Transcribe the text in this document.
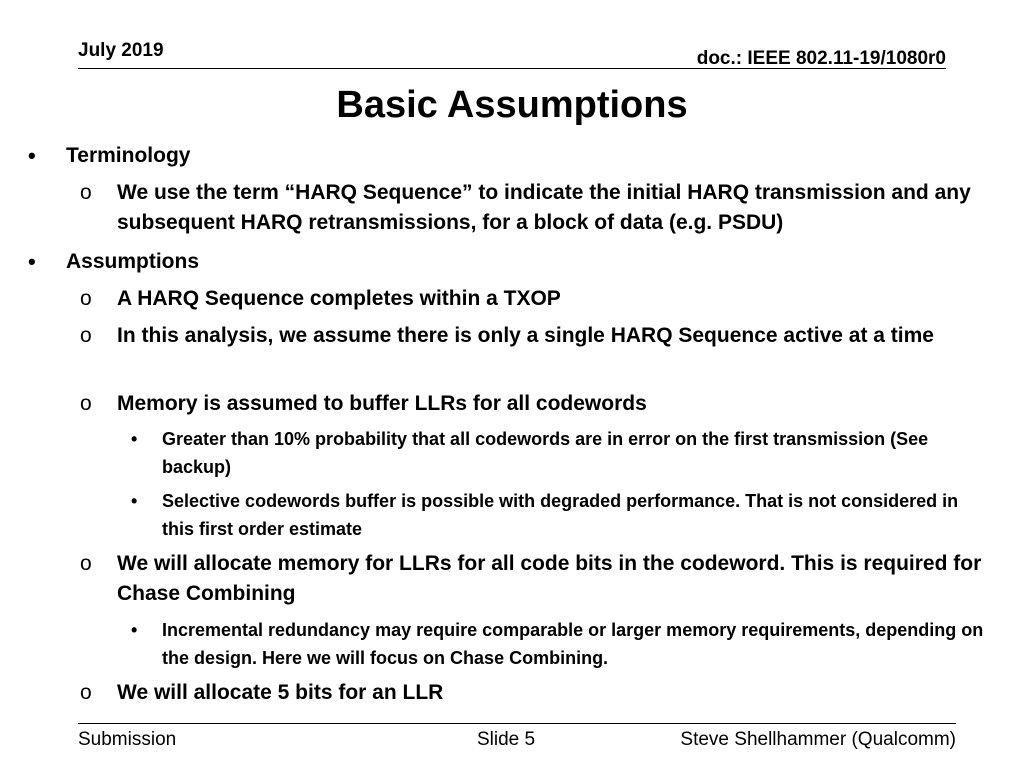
July 2019	doc.: IEEE 802.11-19/1080r0
Basic Assumptions
• Terminology
o We use the term “HARQ Sequence” to indicate the initial HARQ transmission and any subsequent HARQ retransmissions, for a block of data (e.g. PSDU)
• Assumptions
o A HARQ Sequence completes within a TXOP
o In this analysis, we assume there is only a single HARQ Sequence active at a time
o Memory is assumed to buffer LLRs for all codewords
• Greater than 10% probability that all codewords are in error on the first transmission (See backup)
• Selective codewords buffer is possible with degraded performance. That is not considered in this first order estimate
o We will allocate memory for LLRs for all code bits in the codeword. This is required for Chase Combining
• Incremental redundancy may require comparable or larger memory requirements, depending on the design. Here we will focus on Chase Combining.
o We will allocate 5 bits for an LLR
Submission	Slide 5	Steve Shellhammer (Qualcomm)
